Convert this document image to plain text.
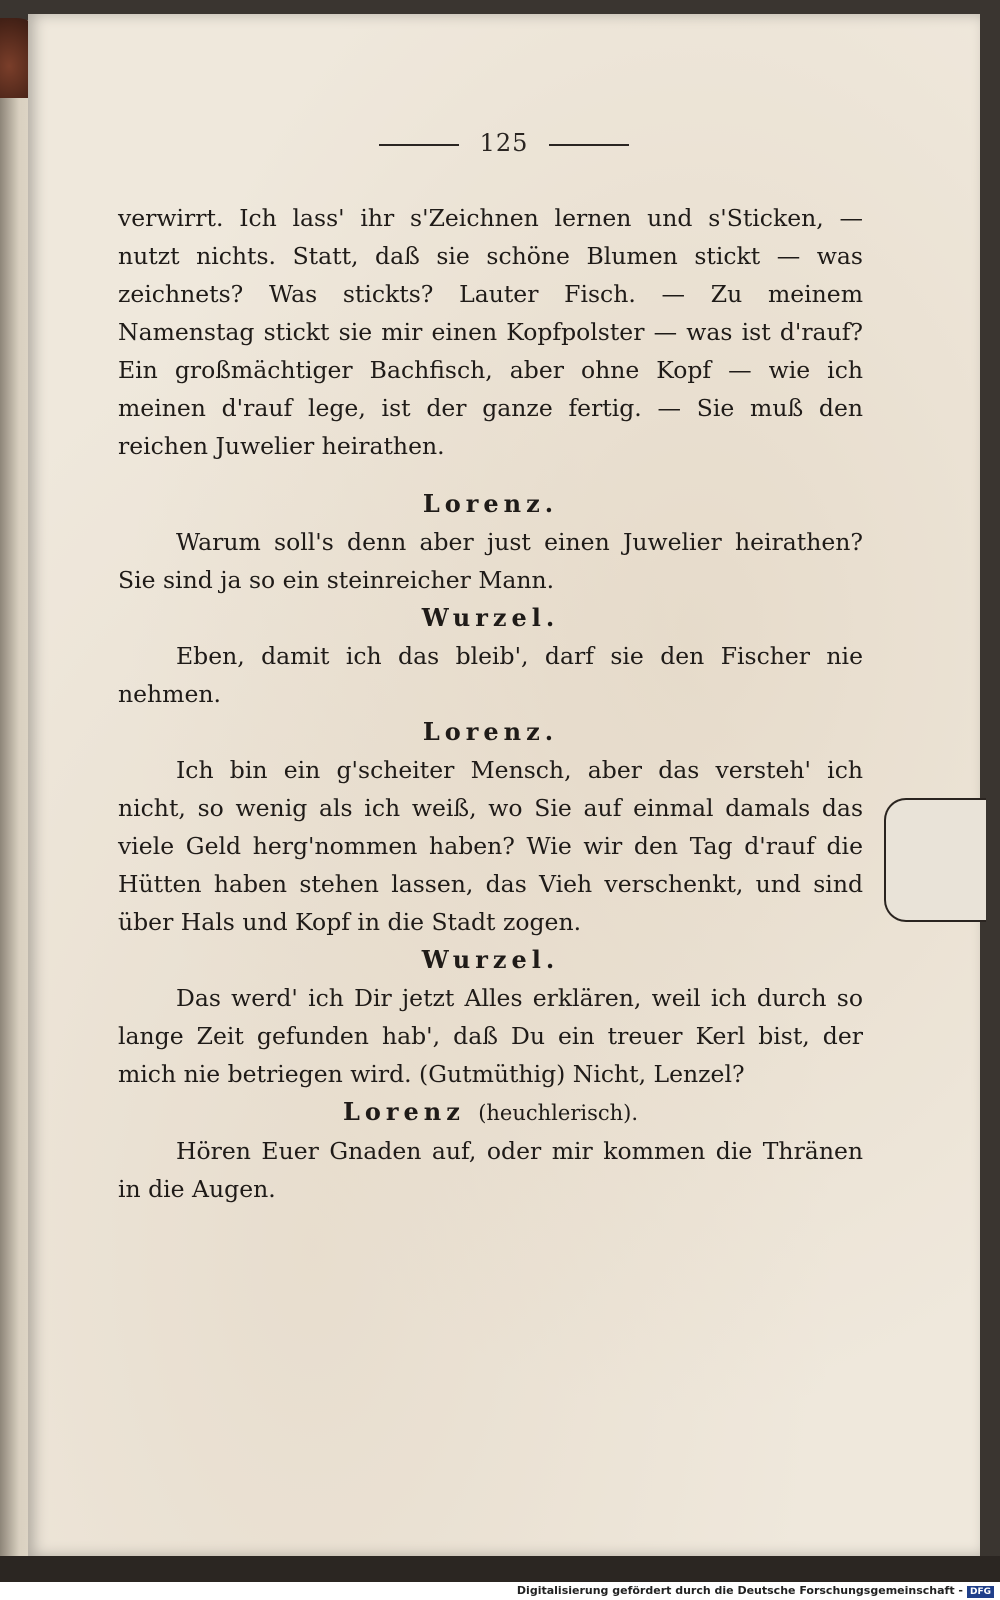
125

verwirrt. Ich lass' ihr s'Zeichnen lernen und s'Sticken, — nutzt nichts. Statt, daß sie schöne Blumen stickt — was zeichnets? Was stickts? Lauter Fisch. — Zu meinem Namenstag stickt sie mir einen Kopfpolster — was ist d'rauf? Ein großmächtiger Bachfisch, aber ohne Kopf — wie ich meinen d'rauf lege, ist der ganze fertig. — Sie muß den reichen Juwelier heirathen.

Lorenz.

Warum soll's denn aber just einen Juwelier heirathen? Sie sind ja so ein steinreicher Mann.

Wurzel.

Eben, damit ich das bleib', darf sie den Fischer nie nehmen.

Lorenz.

Ich bin ein g'scheiter Mensch, aber das versteh' ich nicht, so wenig als ich weiß, wo Sie auf einmal damals das viele Geld herg'nommen haben? Wie wir den Tag d'rauf die Hütten haben stehen lassen, das Vieh verschenkt, und sind über Hals und Kopf in die Stadt zogen.

Wurzel.

Das werd' ich Dir jetzt Alles erklären, weil ich durch so lange Zeit gefunden hab', daß Du ein treuer Kerl bist, der mich nie betriegen wird. (Gutmüthig) Nicht, Lenzel?

Lorenz (heuchlerisch).

Hören Euer Gnaden auf, oder mir kommen die Thränen in die Augen.

Digitalisierung gefördert durch die Deutsche Forschungsgemeinschaft - DFG
